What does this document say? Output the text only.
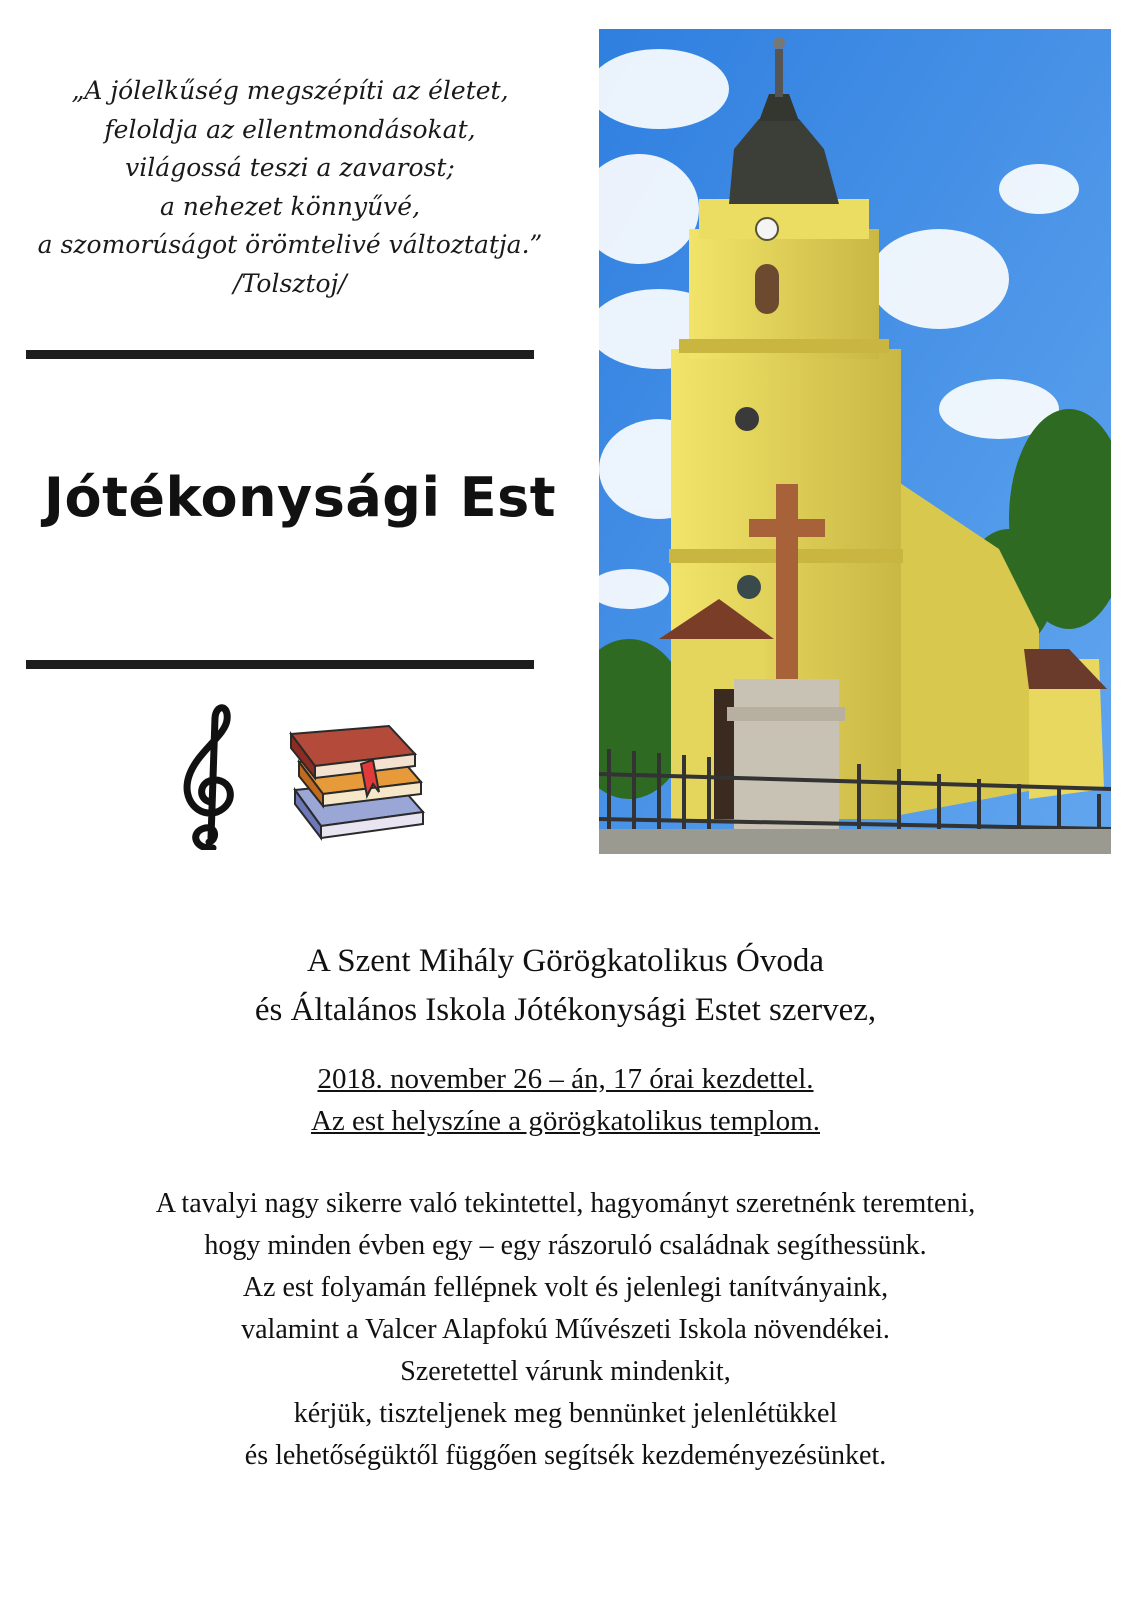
„A jólelkűség megszépíti az életet,
feloldja az ellentmondásokat,
világossá teszi a zavarost;
a nehezet könnyűvé,
a szomorúságot örömtelivé változtatja.”
/Tolsztoj/
Jótékonysági Est
A Szent Mihály Görögkatolikus Óvoda
és Általános Iskola Jótékonysági Estet szervez,
2018. november 26 – án, 17 órai kezdettel.
Az est helyszíne a görögkatolikus templom.
A tavalyi nagy sikerre való tekintettel, hagyományt szeretnénk teremteni,
hogy minden évben egy – egy rászoruló családnak segíthessünk.
Az est folyamán fellépnek volt és jelenlegi tanítványaink,
valamint a Valcer Alapfokú Művészeti Iskola növendékei.
Szeretettel várunk mindenkit,
kérjük, tiszteljenek meg bennünket jelenlétükkel
és lehetőségüktől függően segítsék kezdeményezésünket.
